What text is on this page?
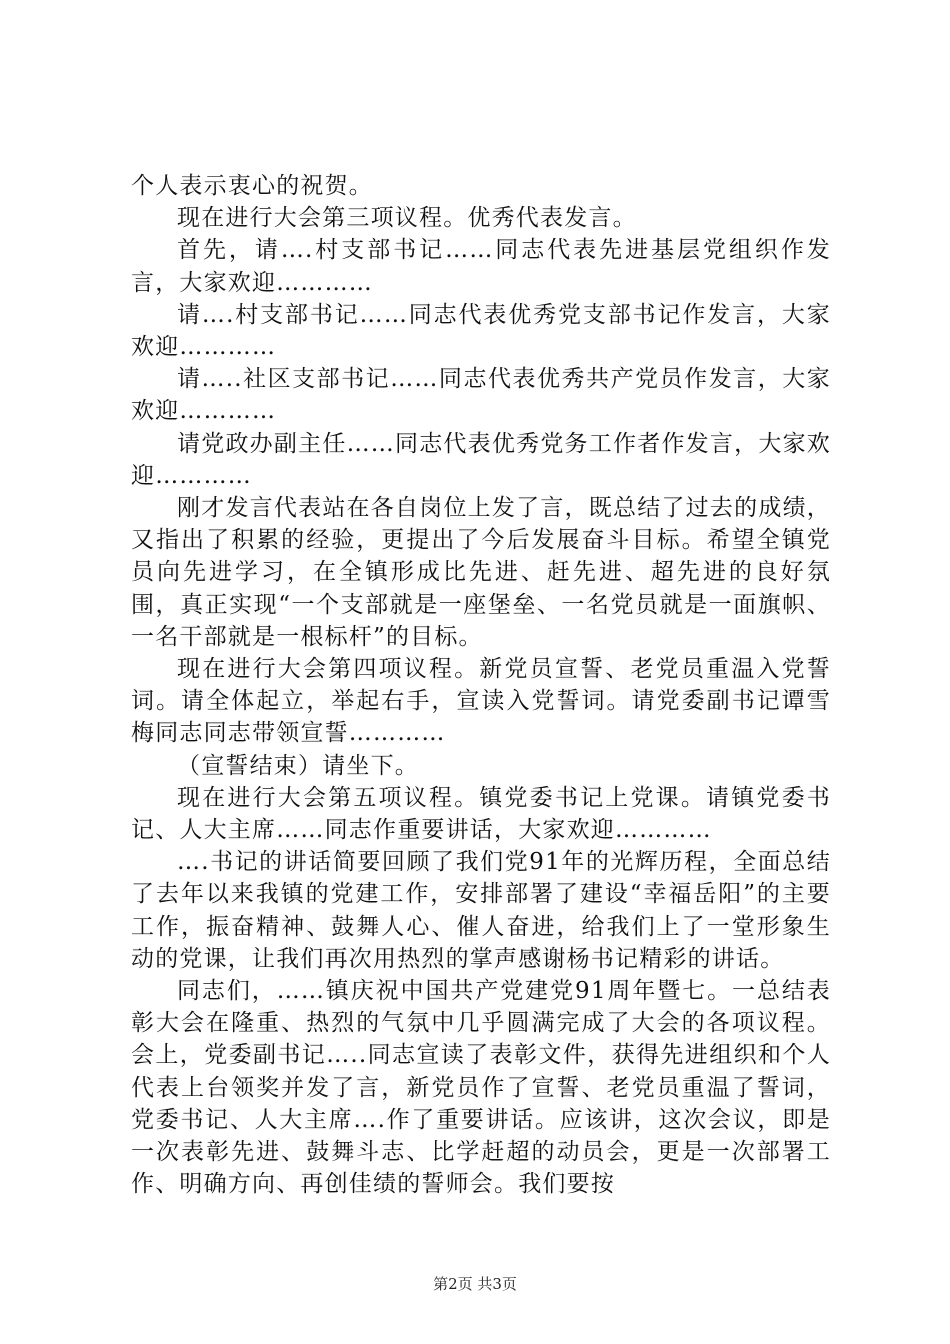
个人表示衷心的祝贺。

现在进行大会第三项议程。优秀代表发言。

首先，请….村支部书记……同志代表先进基层党组织作发言，大家欢迎…………

请….村支部书记……同志代表优秀党支部书记作发言，大家欢迎…………

请…..社区支部书记……同志代表优秀共产党员作发言，大家欢迎…………

请党政办副主任……同志代表优秀党务工作者作发言，大家欢迎…………

刚才发言代表站在各自岗位上发了言，既总结了过去的成绩，又指出了积累的经验，更提出了今后发展奋斗目标。希望全镇党员向先进学习，在全镇形成比先进、赶先进、超先进的良好氛围，真正实现“一个支部就是一座堡垒、一名党员就是一面旗帜、一名干部就是一根标杆”的目标。

现在进行大会第四项议程。新党员宣誓、老党员重温入党誓词。请全体起立，举起右手，宣读入党誓词。请党委副书记谭雪梅同志同志带领宣誓…………

（宣誓结束）请坐下。

现在进行大会第五项议程。镇党委书记上党课。请镇党委书记、人大主席……同志作重要讲话，大家欢迎…………

….书记的讲话简要回顾了我们党91年的光辉历程，全面总结了去年以来我镇的党建工作，安排部署了建设“幸福岳阳”的主要工作，振奋精神、鼓舞人心、催人奋进，给我们上了一堂形象生动的党课，让我们再次用热烈的掌声感谢杨书记精彩的讲话。

同志们，……镇庆祝中国共产党建党91周年暨七。一总结表彰大会在隆重、热烈的气氛中几乎圆满完成了大会的各项议程。会上，党委副书记…..同志宣读了表彰文件，获得先进组织和个人代表上台领奖并发了言，新党员作了宣誓、老党员重温了誓词，党委书记、人大主席….作了重要讲话。应该讲，这次会议，即是一次表彰先进、鼓舞斗志、比学赶超的动员会，更是一次部署工作、明确方向、再创佳绩的誓师会。我们要按

第2页 共3页
